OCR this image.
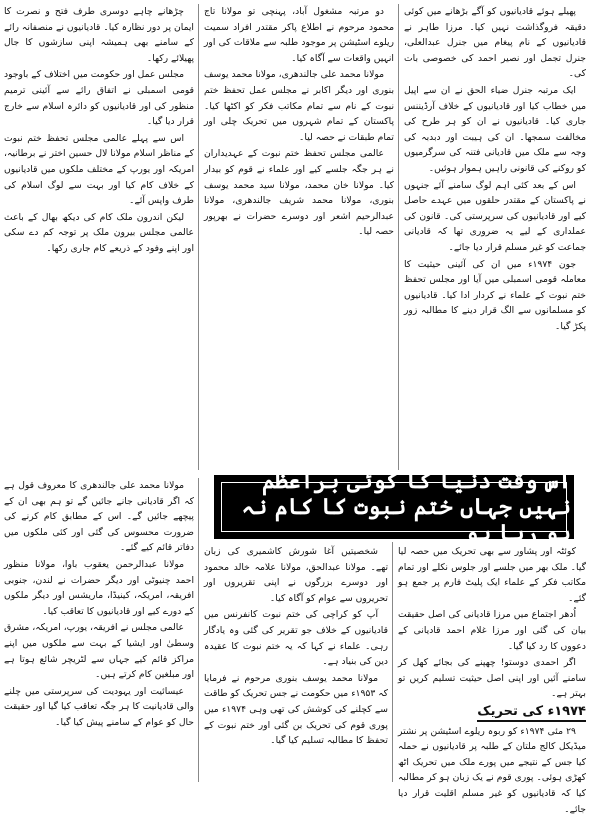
پھیلے ہوئے قادیانیوں کو آگے بڑھانے میں کوئی دقیقہ فروگذاشت نہیں کیا۔ مرزا طاہر نے قادیانیوں کے نام پیغام میں جنرل عبدالعلی، جنرل تجمل اور نصیر احمد کی خصوصی بات کی۔

ایک مرتبہ جنرل ضیاء الحق نے ان سے اپیل میں خطاب کیا اور قادیانیوں کے خلاف آرڈیننس جاری کیا۔ قادیانیوں نے ان کو ہر طرح کی مخالفت سمجھا۔ ان کی ہیبت اور دبدبہ کی وجہ سے ملک میں قادیانی فتنہ کی سرگرمیوں کو روکنے کی قانونی راہیں ہموار ہوئیں۔

اس کے بعد کئی اہم لوگ سامنے آئے جنہوں نے پاکستان کے مقتدر حلقوں میں عہدے حاصل کیے اور قادیانیوں کی سرپرستی کی۔ قانون کی عملداری کے لیے یہ ضروری تھا کہ قادیانی جماعت کو غیر مسلم قرار دیا جائے۔

جون ۱۹۷۴ء میں ان کی آئینی حیثیت کا معاملہ قومی اسمبلی میں آیا اور مجلس تحفظ ختم نبوت کے علماء نے کردار ادا کیا۔ قادیانیوں کو مسلمانوں سے الگ قرار دینے کا مطالبہ زور پکڑ گیا۔

دو مرتبہ مشغول آباد، پہنچی تو مولانا تاج محمود مرحوم نے اطلاع پاکر مقتدر افراد سمیت ریلوے اسٹیشن پر موجود طلبہ سے ملاقات کی اور انہیں واقعات سے آگاہ کیا۔

مولانا محمد علی جالندھری، مولانا محمد یوسف بنوری اور دیگر اکابر نے مجلس عمل تحفظ ختم نبوت کے نام سے تمام مکاتب فکر کو اکٹھا کیا۔ پاکستان کے تمام شہروں میں تحریک چلی اور تمام طبقات نے حصہ لیا۔

عالمی مجلس تحفظ ختم نبوت کے عہدیداران نے ہر جگہ جلسے کیے اور علماء نے قوم کو بیدار کیا۔ مولانا خان محمد، مولانا سید محمد یوسف بنوری، مولانا محمد شریف جالندھری، مولانا عبدالرحیم اشعر اور دوسرے حضرات نے بھرپور حصہ لیا۔

چڑھانے چاہے دوسری طرف فتح و نصرت کا ایمان پر دور نظارہ کیا۔ قادیانیوں نے منصفانہ رائے کے سامنے بھی ہمیشہ اپنی سازشوں کا جال پھیلائے رکھا۔

مجلس عمل اور حکومت میں اختلاف کے باوجود قومی اسمبلی نے اتفاق رائے سے آئینی ترمیم منظور کی اور قادیانیوں کو دائرہ اسلام سے خارج قرار دیا گیا۔

اس سے پہلے عالمی مجلس تحفظ ختم نبوت کے مناظر اسلام مولانا لال حسین اختر نے برطانیہ، امریکہ اور یورپ کے مختلف ملکوں میں قادیانیوں کے خلاف کام کیا اور بہت سے لوگ اسلام کی طرف واپس آئے۔

لیکن اندرون ملک کام کی دیکھ بھال کے باعث عالمی مجلس بیرون ملک پر توجہ کم دے سکی اور اپنے وفود کے ذریعے کام جاری رکھا۔

اس وقت دنیا کا کوئی براعظم نہیں جہاں ختم نبوت کا کام نہ ہو رہا ہو

مولانا محمد علی جالندھری کا معروف قول ہے کہ اگر قادیانی جانے جائیں گے تو ہم بھی ان کے پیچھے جائیں گے۔ اس کے مطابق کام کرنے کی ضرورت محسوس کی گئی اور کئی ملکوں میں دفاتر قائم کیے گئے۔

مولانا عبدالرحمن یعقوب باوا، مولانا منظور احمد چنیوٹی اور دیگر حضرات نے لندن، جنوبی افریقہ، امریکہ، کینیڈا، ماریشس اور دیگر ملکوں کے دورے کیے اور قادیانیوں کا تعاقب کیا۔

عالمی مجلس نے افریقہ، یورپ، امریکہ، مشرق وسطیٰ اور ایشیا کے بہت سے ملکوں میں اپنے مراکز قائم کیے جہاں سے لٹریچر شائع ہوتا ہے اور مبلغین کام کرتے ہیں۔

عیسائیت اور یہودیت کی سرپرستی میں چلنے والی قادیانیت کا ہر جگہ تعاقب کیا گیا اور حقیقت حال کو عوام کے سامنے پیش کیا گیا۔

شخصیتیں آغا شورش کاشمیری کی زبان تھے۔ مولانا عبدالحق، مولانا علامہ خالد محمود اور دوسرے بزرگوں نے اپنی تقریروں اور تحریروں سے عوام کو آگاہ کیا۔

آپ کو کراچی کی ختم نبوت کانفرنس میں قادیانیوں کے خلاف جو تقریر کی گئی وہ یادگار رہی۔ علماء نے کہا کہ یہ ختم نبوت کا عقیدہ دین کی بنیاد ہے۔

مولانا محمد یوسف بنوری مرحوم نے فرمایا کہ ۱۹۵۳ء میں حکومت نے جس تحریک کو طاقت سے کچلنے کی کوشش کی تھی وہی ۱۹۷۴ء میں پوری قوم کی تحریک بن گئی اور ختم نبوت کے تحفظ کا مطالبہ تسلیم کیا گیا۔

کوئٹہ اور پشاور سے بھی تحریک میں حصہ لیا گیا۔ ملک بھر میں جلسے اور جلوس نکلے اور تمام مکاتب فکر کے علماء ایک پلیٹ فارم پر جمع ہو گئے۔

اُدھر اجتماع میں مرزا قادیانی کی اصل حقیقت بیان کی گئی اور مرزا غلام احمد قادیانی کے دعووں کا رد کیا گیا۔

اگر احمدی دوستو! چھپنے کی بجائے کھل کر سامنے آئیں اور اپنی اصل حیثیت تسلیم کریں تو بہتر ہے۔

۱۹۷۴ء کی تحریک

۲۹ مئی ۱۹۷۴ء کو ربوہ ریلوے اسٹیشن پر نشتر میڈیکل کالج ملتان کے طلبہ پر قادیانیوں نے حملہ کیا جس کے نتیجے میں پورے ملک میں تحریک اٹھ کھڑی ہوئی۔ پوری قوم نے یک زبان ہو کر مطالبہ کیا کہ قادیانیوں کو غیر مسلم اقلیت قرار دیا جائے۔
